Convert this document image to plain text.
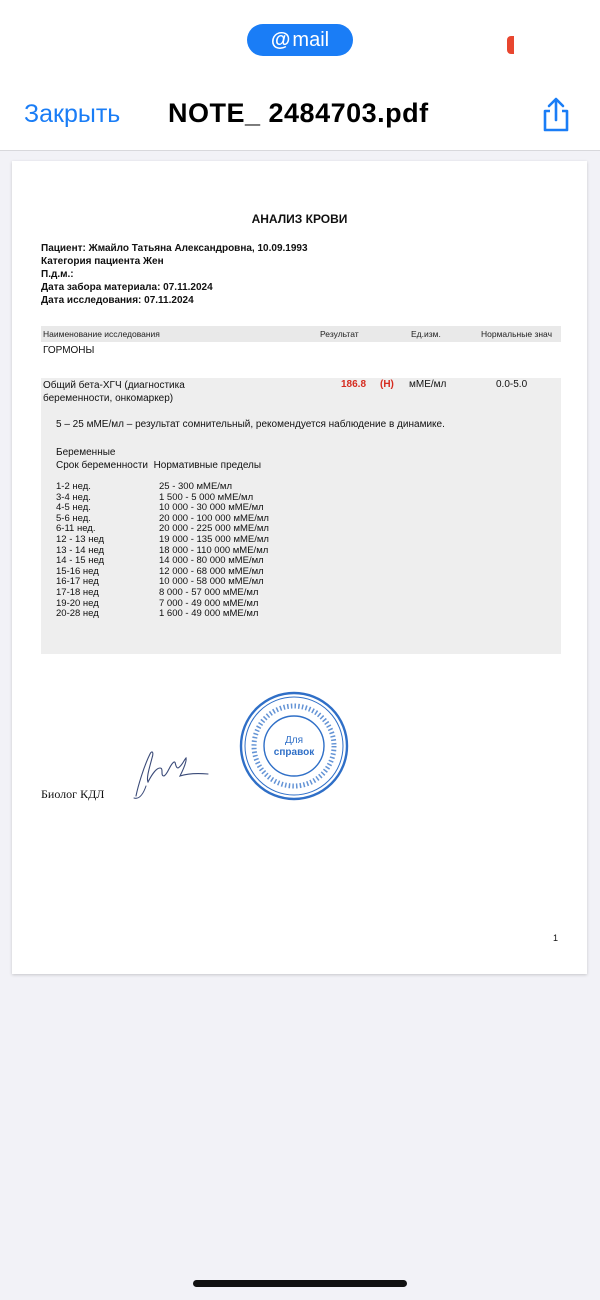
@ mail
Закрыть NOTE_ 2484703.pdf
АНАЛИЗ КРОВИ
Пациент: Жмайло Татьяна Александровна, 10.09.1993
Категория пациента Жен
П.д.м.:
Дата забора материала: 07.11.2024
Дата исследования: 07.11.2024
Наименование исследования	Результат	Ед.изм.	Нормальные знач
ГОРМОНЫ
Общий бета-ХГЧ (диагностика
беременности, онкомаркер)
186.8 (Н) мМЕ/мл	0.0-5.0
5 – 25 мМЕ/мл – результат сомнительный, рекомендуется наблюдение в динамике.
Беременные
Срок беременности Нормативные пределы
1-2 нед.	25 - 300 мМЕ/мл
3-4 нед.	1 500 - 5 000 мМЕ/мл
4-5 нед.	10 000 - 30 000 мМЕ/мл
5-6 нед.	20 000 - 100 000 мМЕ/мл
6-11 нед.	20 000 - 225 000 мМЕ/мл
12 - 13 нед	19 000 - 135 000 мМЕ/мл
13 - 14 нед	18 000 - 110 000 мМЕ/мл
14 - 15 нед	14 000 - 80 000 мМЕ/мл
15-16 нед	12 000 - 68 000 мМЕ/мл
16-17 нед	10 000 - 58 000 мМЕ/мл
17-18 нед	8 000 - 57 000 мМЕ/мл
19-20 нед	7 000 - 49 000 мМЕ/мл
20-28 нед	1 600 - 49 000 мМЕ/мл
Биолог КДЛ
Для
справок
1
